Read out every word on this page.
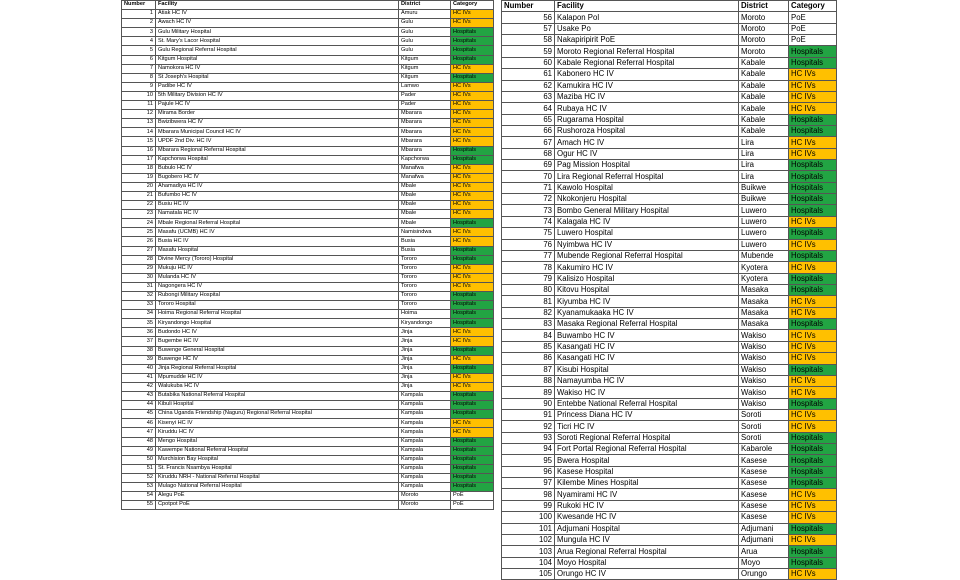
Number	Facility	District	Category
1	Atiak HC IV	Amuru	HC IVs
2	Awach HC IV	Gulu	HC IVs
3	Gulu Military Hospital	Gulu	Hospitals
4	St. Mary's Lacor Hospital	Gulu	Hospitals
5	Gulu Regional Referral Hospital	Gulu	Hospitals
6	Kitgum Hospital	Kitgum	Hospitals
7	Namokora HC IV	Kitgum	HC IVs
8	St Joseph's Hospital	Kitgum	Hospitals
9	Padibe HC IV	Lamwo	HC IVs
10	5th Military Division HC IV	Pader	HC IVs
11	Pajule HC IV	Pader	HC IVs
12	Mirama Border	Mbarara	HC IVs
13	Bwizibwera HC IV	Mbarara	HC IVs
14	Mbarara Municipal Council HC IV	Mbarara	HC IVs
15	UPDF 2nd Div. HC IV	Mbarara	HC IVs
16	Mbarara Regional Referral Hospital	Mbarara	Hospitals
17	Kapchorwa Hospital	Kapchorwa	Hospitals
18	Bubulo HC IV	Manafwa	HC IVs
19	Bugobero HC IV	Manafwa	HC IVs
20	Ahamadiya HC IV	Mbale	HC IVs
21	Bufumbo HC IV	Mbale	HC IVs
22	Busiu HC IV	Mbale	HC IVs
23	Namatala HC IV	Mbale	HC IVs
24	Mbale Regional Referral Hospital	Mbale	Hospitals
25	Masafu (UCMB) HC IV	Namisindwa	HC IVs
26	Busia HC IV	Busia	HC IVs
27	Masafu Hospital	Busia	Hospitals
28	Divine Mercy (Tororo) Hospital	Tororo	Hospitals
29	Mukuju HC IV	Tororo	HC IVs
30	Mulanda HC IV	Tororo	HC IVs
31	Nagongera HC IV	Tororo	HC IVs
32	Rubongi Military Hospital	Tororo	Hospitals
33	Tororo Hospital	Tororo	Hospitals
34	Hoima Regional Referral Hospital	Hoima	Hospitals
35	Kiryandongo Hospital	Kiryandongo	Hospitals
36	Budondo HC IV	Jinja	HC IVs
37	Bugembe HC IV	Jinja	HC IVs
38	Buwenge General Hospital	Jinja	Hospitals
39	Buwenge HC IV	Jinja	HC IVs
40	Jinja Regional Referral Hospital	Jinja	Hospitals
41	Mpumudde HC IV	Jinja	HC IVs
42	Walukuba HC IV	Jinja	HC IVs
43	Butabika National Referral Hospital	Kampala	Hospitals
44	Kibuli Hospital	Kampala	Hospitals
45	China Uganda Friendship (Naguru) Regional Referral Hospital	Kampala	Hospitals
46	Kisenyi HC IV	Kampala	HC IVs
47	Kiruddu HC IV	Kampala	HC IVs
48	Mengo Hospital	Kampala	Hospitals
49	Kawempe National Referral Hospital	Kampala	Hospitals
50	Murchision Bay Hospital	Kampala	Hospitals
51	St. Francis Nsambya Hospital	Kampala	Hospitals
52	Kiruddu NRH - National Referral Hospital	Kampala	Hospitals
53	Mulago National Referral Hospital	Kampala	Hospitals
54	Alegu PoE	Moroto	PoE
55	Cpotpot PoE	Moroto	PoE
Number	Facility	District	Category
56	Kalapon Pol	Moroto	PoE
57	Usake Po	Moroto	PoE
58	Nakapiripirit PoE	Moroto	PoE
59	Moroto Regional Referral Hospital	Moroto	Hospitals
60	Kabale Regional Referral Hospital	Kabale	Hospitals
61	Kabonero HC IV	Kabale	HC IVs
62	Kamukira HC IV	Kabale	HC IVs
63	Maziba HC IV	Kabale	HC IVs
64	Rubaya HC IV	Kabale	HC IVs
65	Rugarama Hospital	Kabale	Hospitals
66	Rushoroza Hospital	Kabale	Hospitals
67	Amach HC IV	Lira	HC IVs
68	Ogur HC IV	Lira	HC IVs
69	Pag Mission Hospital	Lira	Hospitals
70	Lira Regional Referral Hospital	Lira	Hospitals
71	Kawolo Hospital	Buikwe	Hospitals
72	Nkokonjeru Hospital	Buikwe	Hospitals
73	Bombo General Military Hospital	Luwero	Hospitals
74	Kalagala HC IV	Luwero	HC IVs
75	Luwero Hospital	Luwero	Hospitals
76	Nyimbwa HC IV	Luwero	HC IVs
77	Mubende Regional Referral Hospital	Mubende	Hospitals
78	Kakumiro HC IV	Kyotera	HC IVs
79	Kalisizo Hospital	Kyotera	Hospitals
80	Kitovu Hospital	Masaka	Hospitals
81	Kiyumba HC IV	Masaka	HC IVs
82	Kyanamukaaka HC IV	Masaka	HC IVs
83	Masaka Regional Referral Hospital	Masaka	Hospitals
84	Buwambo HC IV	Wakiso	HC IVs
85	Kasangati HC IV	Wakiso	HC IVs
86	Kasangati HC IV	Wakiso	HC IVs
87	Kisubi Hospital	Wakiso	Hospitals
88	Namayumba HC IV	Wakiso	HC IVs
89	Wakiso HC IV	Wakiso	HC IVs
90	Entebbe National Referral Hospital	Wakiso	Hospitals
91	Princess Diana HC IV	Soroti	HC IVs
92	Ticri HC IV	Soroti	HC IVs
93	Soroti Regional Referral Hospital	Soroti	Hospitals
94	Fort Portal Regional Referral Hospital	Kabarole	Hospitals
95	Bwera Hospital	Kasese	Hospitals
96	Kasese Hospital	Kasese	Hospitals
97	Kilembe Mines Hospital	Kasese	Hospitals
98	Nyamirami HC IV	Kasese	HC IVs
99	Rukoki HC IV	Kasese	HC IVs
100	Kwesande HC IV	Kasese	HC IVs
101	Adjumani Hospital	Adjumani	Hospitals
102	Mungula HC IV	Adjumani	HC IVs
103	Arua Regional Referral Hospital	Arua	Hospitals
104	Moyo Hospital	Moyo	Hospitals
105	Orungo HC IV	Orungo	HC IVs
